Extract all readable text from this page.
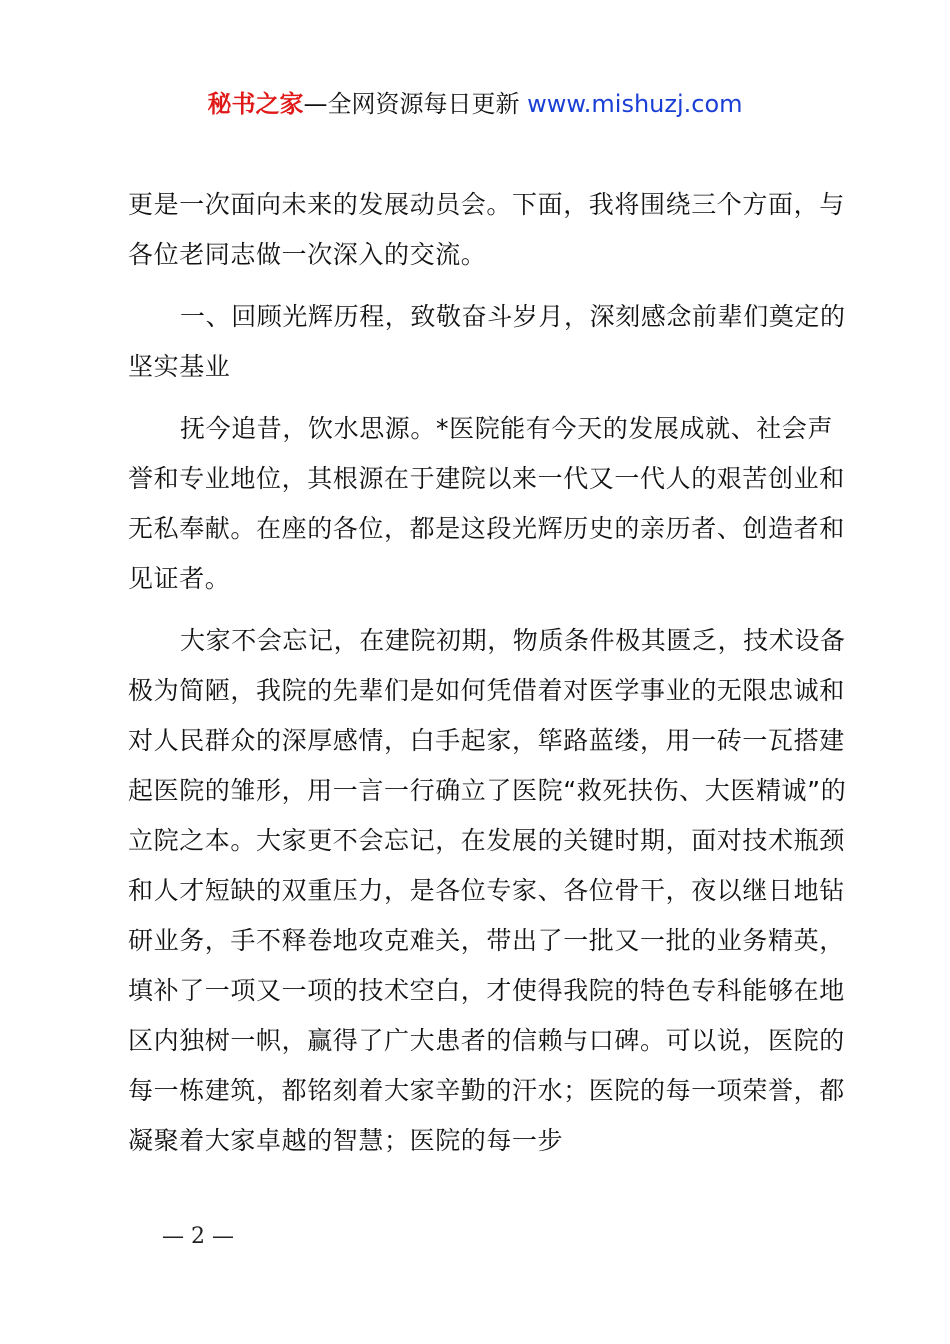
秘书之家—全网资源每日更新 www.mishuzj.com

更是一次面向未来的发展动员会。下面，我将围绕三个方面，与各位老同志做一次深入的交流。

一、回顾光辉历程，致敬奋斗岁月，深刻感念前辈们奠定的坚实基业

抚今追昔，饮水思源。*医院能有今天的发展成就、社会声誉和专业地位，其根源在于建院以来一代又一代人的艰苦创业和无私奉献。在座的各位，都是这段光辉历史的亲历者、创造者和见证者。

大家不会忘记，在建院初期，物质条件极其匮乏，技术设备极为简陋，我院的先辈们是如何凭借着对医学事业的无限忠诚和对人民群众的深厚感情，白手起家，筚路蓝缕，用一砖一瓦搭建起医院的雏形，用一言一行确立了医院“救死扶伤、大医精诚”的立院之本。大家更不会忘记，在发展的关键时期，面对技术瓶颈和人才短缺的双重压力，是各位专家、各位骨干，夜以继日地钻研业务，手不释卷地攻克难关，带出了一批又一批的业务精英，填补了一项又一项的技术空白，才使得我院的特色专科能够在地区内独树一帜，赢得了广大患者的信赖与口碑。可以说，医院的每一栋建筑，都铭刻着大家辛勤的汗水；医院的每一项荣誉，都凝聚着大家卓越的智慧；医院的每一步

— 2 —
